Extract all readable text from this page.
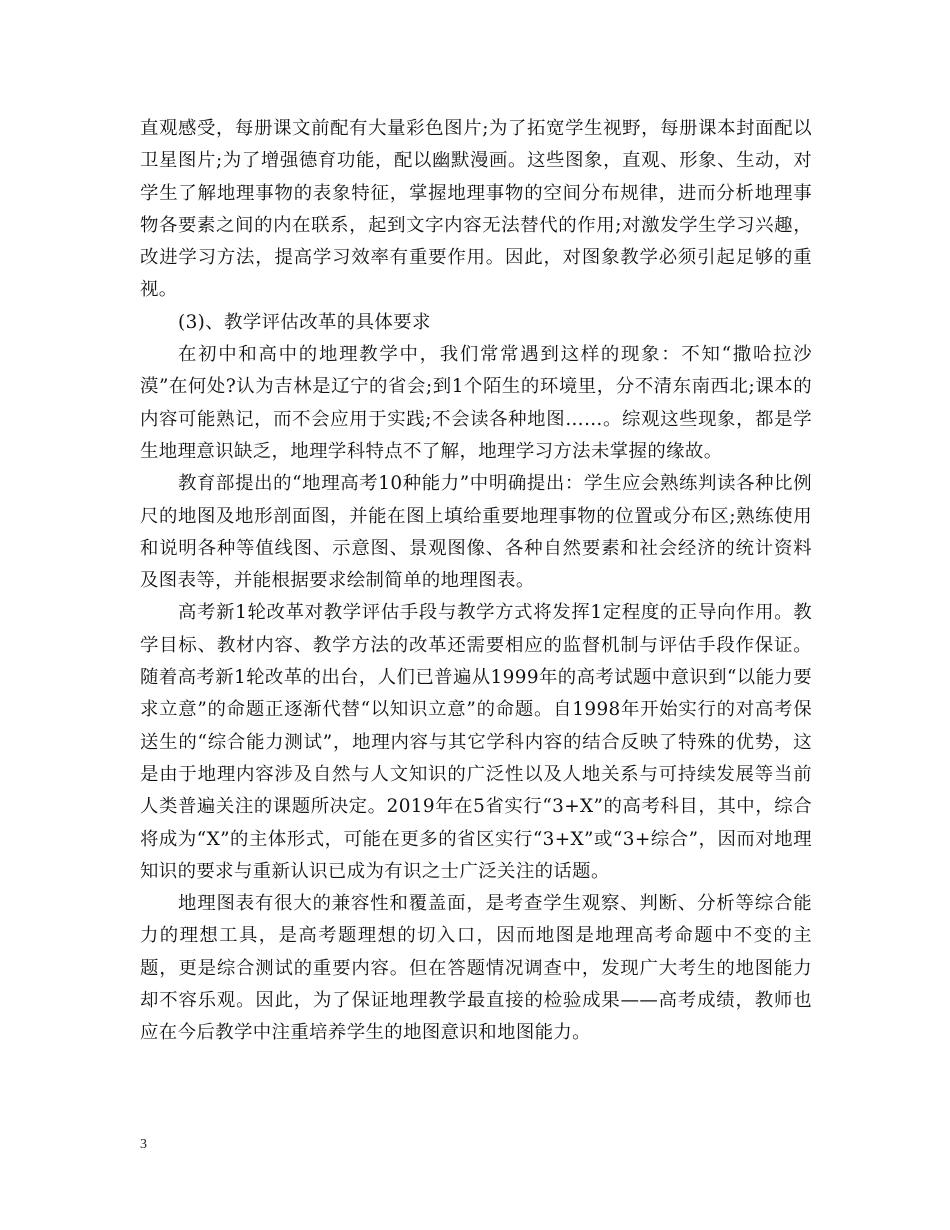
直观感受，每册课文前配有大量彩色图片;为了拓宽学生视野，每册课本封面配以卫星图片;为了增强德育功能，配以幽默漫画。这些图象，直观、形象、生动，对学生了解地理事物的表象特征，掌握地理事物的空间分布规律，进而分析地理事物各要素之间的内在联系，起到文字内容无法替代的作用;对激发学生学习兴趣，改进学习方法，提高学习效率有重要作用。因此，对图象教学必须引起足够的重视。

(3)、教学评估改革的具体要求

在初中和高中的地理教学中，我们常常遇到这样的现象：不知“撒哈拉沙漠”在何处?认为吉林是辽宁的省会;到1个陌生的环境里，分不清东南西北;课本的内容可能熟记，而不会应用于实践;不会读各种地图……。综观这些现象，都是学生地理意识缺乏，地理学科特点不了解，地理学习方法未掌握的缘故。

教育部提出的“地理高考10种能力”中明确提出：学生应会熟练判读各种比例尺的地图及地形剖面图，并能在图上填给重要地理事物的位置或分布区;熟练使用和说明各种等值线图、示意图、景观图像、各种自然要素和社会经济的统计资料及图表等，并能根据要求绘制简单的地理图表。

高考新1轮改革对教学评估手段与教学方式将发挥1定程度的正导向作用。教学目标、教材内容、教学方法的改革还需要相应的监督机制与评估手段作保证。随着高考新1轮改革的出台，人们已普遍从1999年的高考试题中意识到“以能力要求立意”的命题正逐渐代替“以知识立意”的命题。自1998年开始实行的对高考保送生的“综合能力测试”，地理内容与其它学科内容的结合反映了特殊的优势，这是由于地理内容涉及自然与人文知识的广泛性以及人地关系与可持续发展等当前人类普遍关注的课题所决定。2019年在5省实行“3+X”的高考科目，其中，综合将成为“X”的主体形式，可能在更多的省区实行“3+X”或“3+综合”，因而对地理知识的要求与重新认识已成为有识之士广泛关注的话题。

地理图表有很大的兼容性和覆盖面，是考查学生观察、判断、分析等综合能力的理想工具，是高考题理想的切入口，因而地图是地理高考命题中不变的主题，更是综合测试的重要内容。但在答题情况调查中，发现广大考生的地图能力却不容乐观。因此，为了保证地理教学最直接的检验成果——高考成绩，教师也应在今后教学中注重培养学生的地图意识和地图能力。

3
